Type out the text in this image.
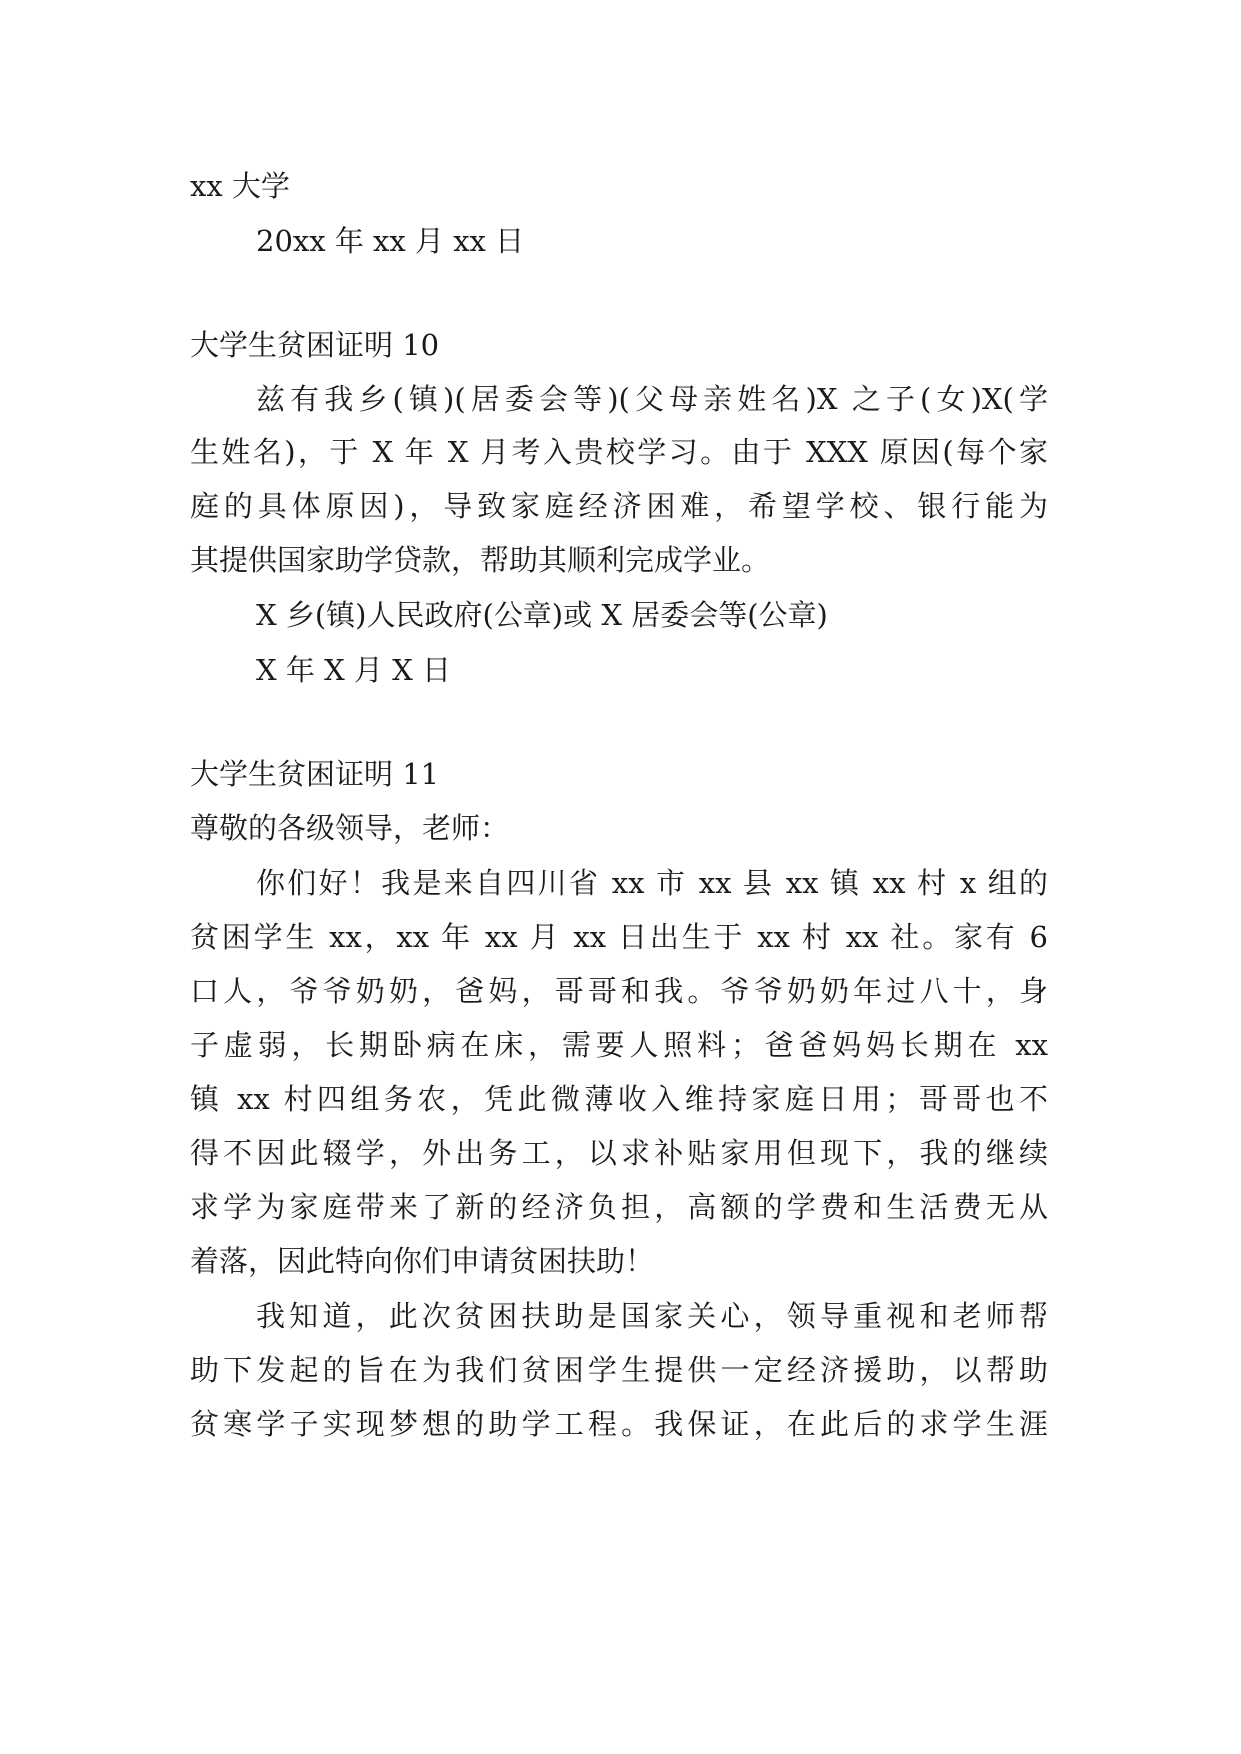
xx 大学
20xx 年 xx 月 xx 日
大学生贫困证明 10
兹有我乡(镇)(居委会等)(父母亲姓名)X 之子(女)X(学
生姓名)，于 X 年 X 月考入贵校学习。由于 XXX 原因(每个家
庭的具体原因)，导致家庭经济困难，希望学校、银行能为
其提供国家助学贷款，帮助其顺利完成学业。
X 乡(镇)人民政府(公章)或 X 居委会等(公章)
X 年 X 月 X 日
大学生贫困证明 11
尊敬的各级领导，老师：
你们好！我是来自四川省 xx 市 xx 县 xx 镇 xx 村 x 组的
贫困学生 xx，xx 年 xx 月 xx 日出生于 xx 村 xx 社。家有 6
口人，爷爷奶奶，爸妈，哥哥和我。爷爷奶奶年过八十，身
子虚弱，长期卧病在床，需要人照料；爸爸妈妈长期在 xx
镇 xx 村四组务农，凭此微薄收入维持家庭日用；哥哥也不
得不因此辍学，外出务工，以求补贴家用但现下，我的继续
求学为家庭带来了新的经济负担，高额的学费和生活费无从
着落，因此特向你们申请贫困扶助！
我知道，此次贫困扶助是国家关心，领导重视和老师帮
助下发起的旨在为我们贫困学生提供一定经济援助，以帮助
贫寒学子实现梦想的助学工程。我保证，在此后的求学生涯
